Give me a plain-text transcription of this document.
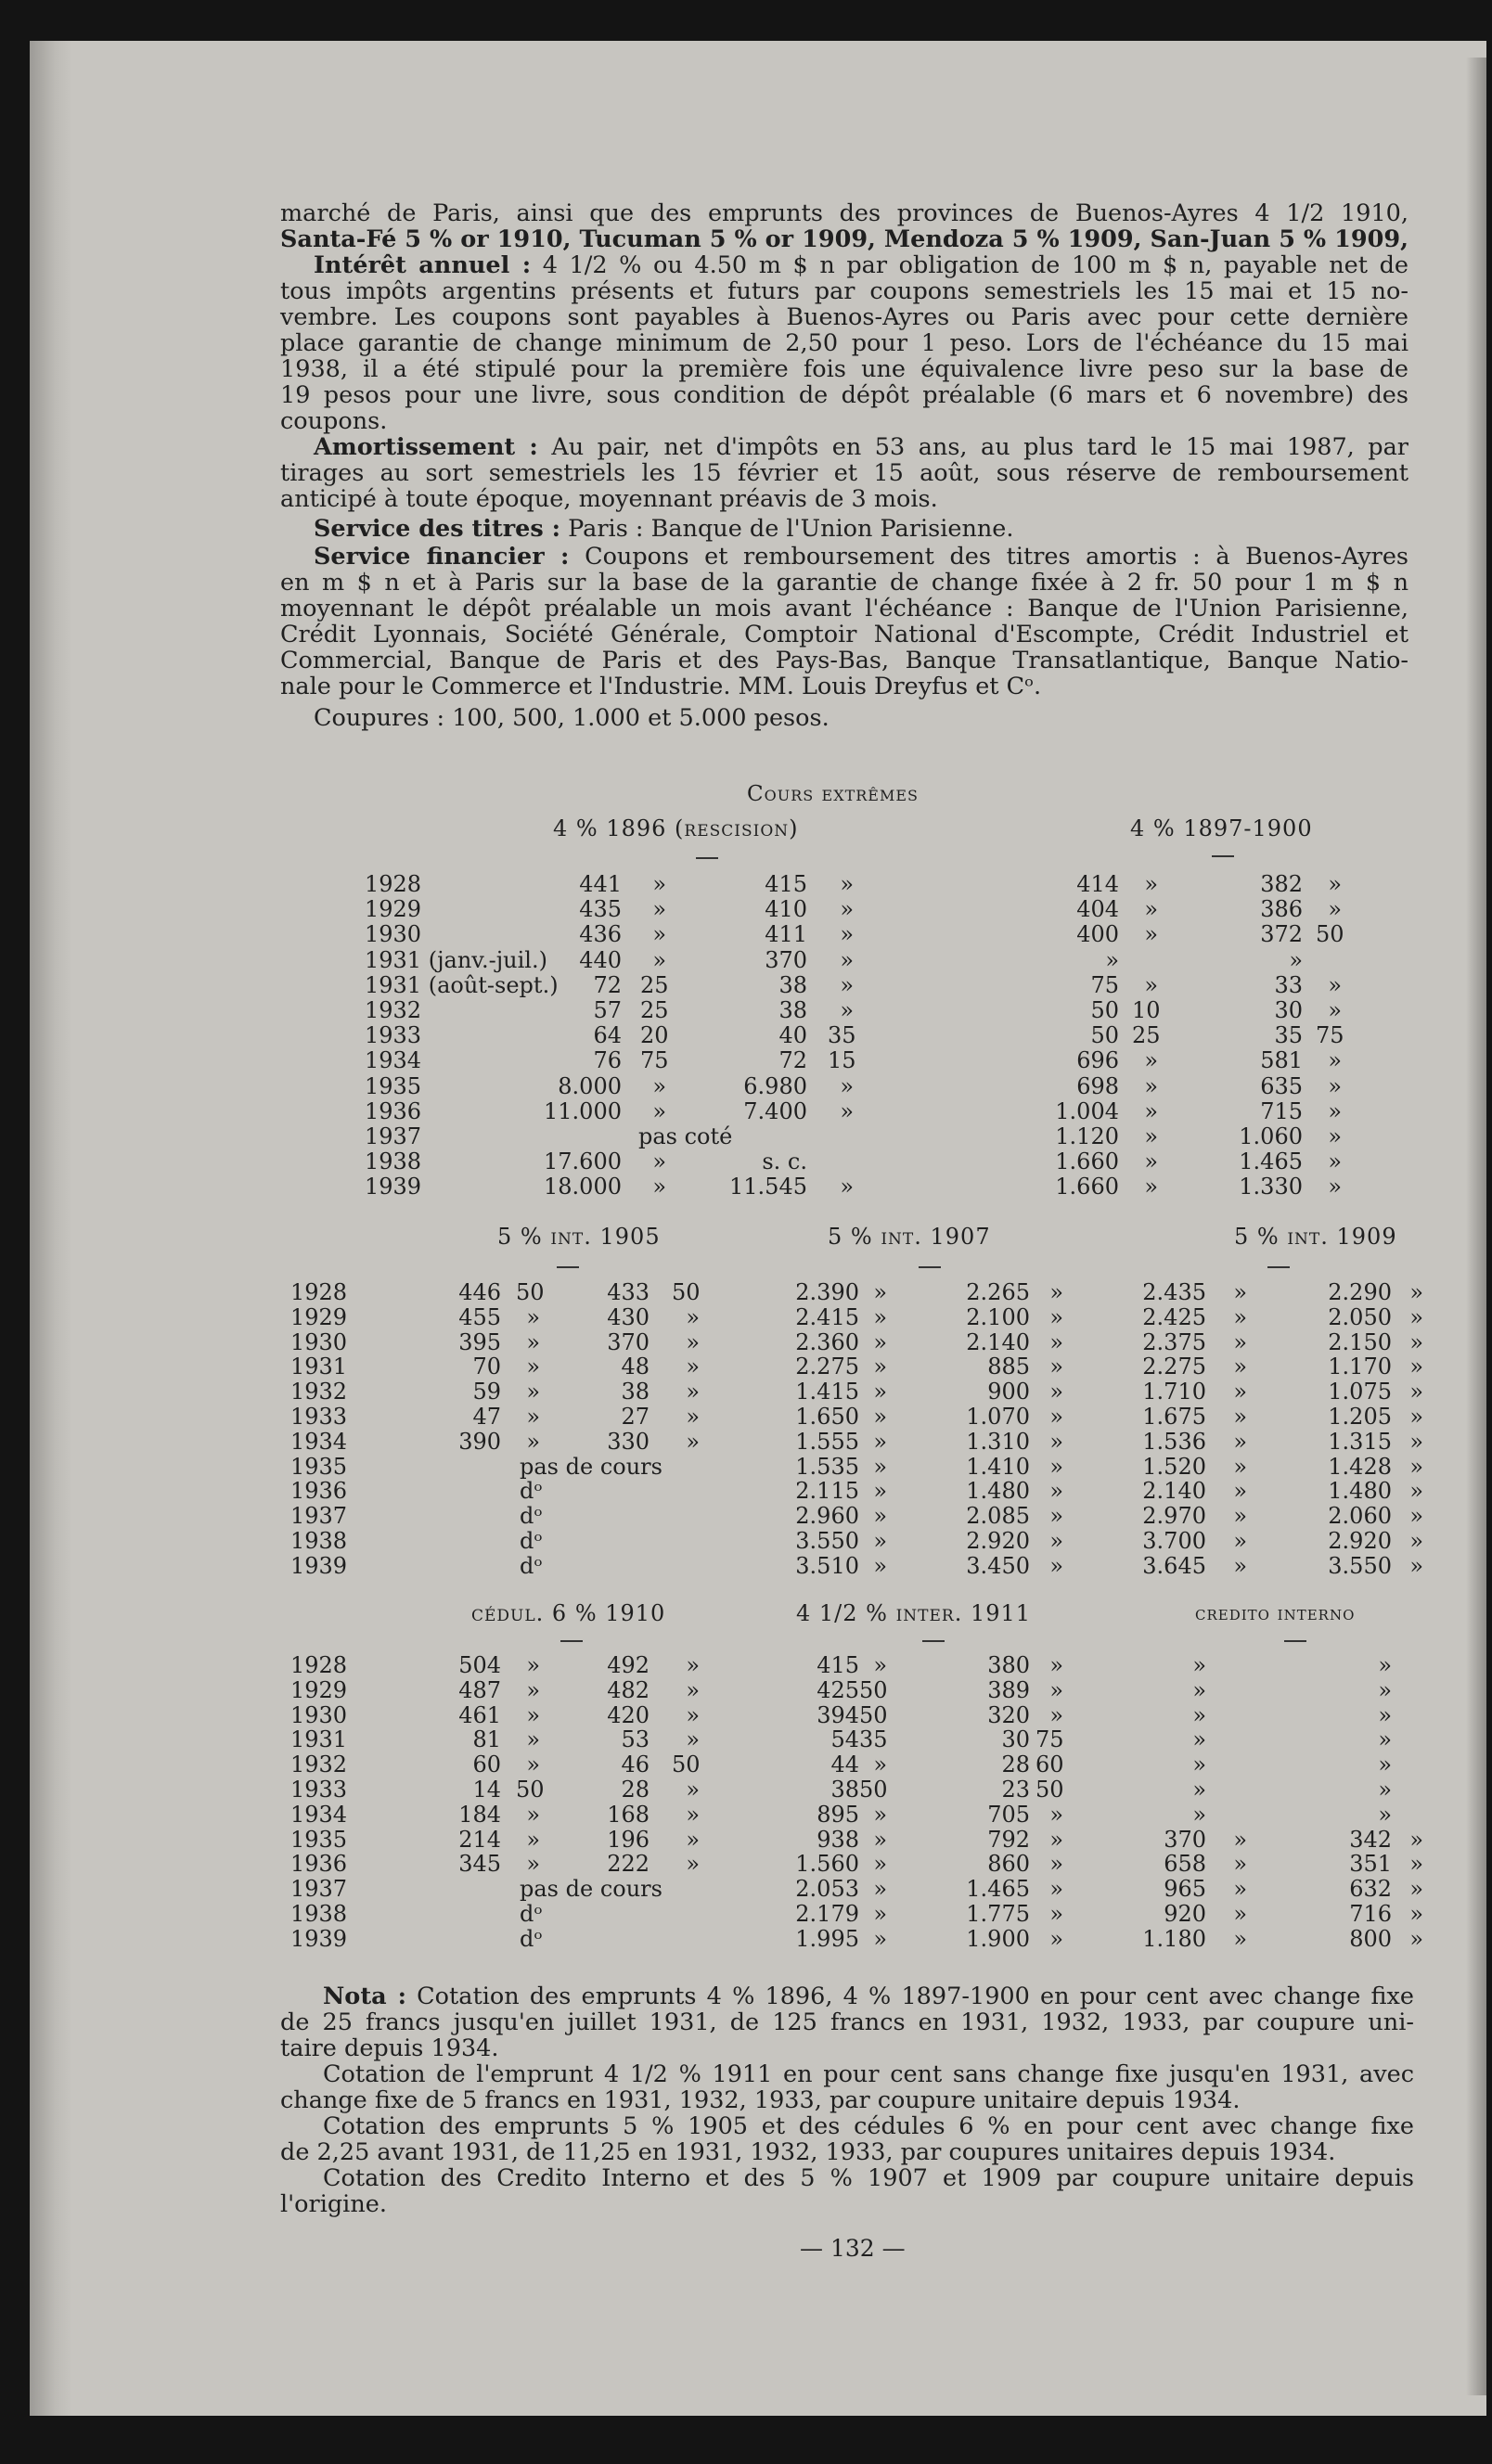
marché de Paris, ainsi que des emprunts des provinces de Buenos-Ayres 4 1/2 1910,
Santa-Fé 5 % or 1910, Tucuman 5 % or 1909, Mendoza 5 % 1909, San-Juan 5 % 1909,
Intérêt annuel : 4 1/2 % ou 4.50 m $ n par obligation de 100 m $ n, payable net de
tous impôts argentins présents et futurs par coupons semestriels les 15 mai et 15 no-
vembre. Les coupons sont payables à Buenos-Ayres ou Paris avec pour cette dernière
place garantie de change minimum de 2,50 pour 1 peso. Lors de l'échéance du 15 mai
1938, il a été stipulé pour la première fois une équivalence livre peso sur la base de
19 pesos pour une livre, sous condition de dépôt préalable (6 mars et 6 novembre) des
coupons.
Amortissement : Au pair, net d'impôts en 53 ans, au plus tard le 15 mai 1987, par
tirages au sort semestriels les 15 février et 15 août, sous réserve de remboursement
anticipé à toute époque, moyennant préavis de 3 mois.
Service des titres : Paris : Banque de l'Union Parisienne.
Service financier : Coupons et remboursement des titres amortis : à Buenos-Ayres
en m $ n et à Paris sur la base de la garantie de change fixée à 2 fr. 50 pour 1 m $ n
moyennant le dépôt préalable un mois avant l'échéance : Banque de l'Union Parisienne,
Crédit Lyonnais, Société Générale, Comptoir National d'Escompte, Crédit Industriel et
Commercial, Banque de Paris et des Pays-Bas, Banque Transatlantique, Banque Natio-
nale pour le Commerce et l'Industrie. MM. Louis Dreyfus et Cᵒ.
Coupures : 100, 500, 1.000 et 5.000 pesos.
Cours extrêmes
4 % 1896 (rescision)	4 % 1897-1900
1928	441	»	415	»	414	»	382	»
1929	435	»	410	»	404	»	386	»
1930	436	»	411	»	400	»	372 50
1931 (janv.-juil.)	440	»	370	»	»	»
1931 (août-sept.)	72 25	38	»	75	»	33	»
1932	57 25	38	»	50 10	30	»
1933	64 20	40 35	50 25	35 75
1934	76 75	72 15	696	»	581	»
1935	8.000	»	6.980	»	698	»	635	»
1936	11.000	»	7.400	»	1.004	»	715	»
1937	pas coté	1.120	»	1.060	»
1938	17.600	»	s. c.	1.660	»	1.465	»
1939	18.000	»	11.545	»	1.660	»	1.330	»
5 % int. 1905	5 % int. 1907	5 % int. 1909
1928	446 50	433 50	2.390 »	2.265 »	2.435	»	2.290 »
1929	455	»	430	»	2.415 »	2.100 »	2.425	»	2.050 »
1930	395	»	370	»	2.360 »	2.140 »	2.375	»	2.150 »
1931	70	»	48	»	2.275 »	885 »	2.275	»	1.170 »
1932	59	»	38	»	1.415 »	900 »	1.710	»	1.075 »
1933	47	»	27	»	1.650 »	1.070 »	1.675	»	1.205 »
1934	390	»	330	»	1.555 »	1.310 »	1.536	»	1.315 »
1935	pas de cours	1.535 »	1.410 »	1.520	»	1.428 »
1936	dᵒ	2.115 »	1.480 »	2.140	»	1.480 »
1937	dᵒ	2.960 »	2.085 »	2.970	»	2.060 »
1938	dᵒ	3.550 »	2.920 »	3.700	»	2.920 »
1939	dᵒ	3.510 »	3.450 »	3.645	»	3.550 »
cédul. 6 % 1910	4 1/2 % inter. 1911	credito interno
1928	504	»	492	»	415 »	380 »	»	»
1929	487	»	482	»	425 50	389 »	»	»
1930	461	»	420	»	394 50	320 »	»	»
1931	81	»	53	»	54 35	30 75	»	»
1932	60	»	46 50	44 »	28 60	»	»
1933	14 50	28	»	38 50	23 50	»	»
1934	184	»	168	»	895 »	705 »	»	»
1935	214	»	196	»	938 »	792 »	370	»	342 »
1936	345	»	222	»	1.560 »	860 »	658	»	351 »
1937	pas de cours	2.053 »	1.465 »	965	»	632 »
1938	dᵒ	2.179 »	1.775 »	920	»	716 »
1939	dᵒ	1.995 »	1.900 »	1.180	»	800 »
Nota : Cotation des emprunts 4 % 1896, 4 % 1897-1900 en pour cent avec change fixe
de 25 francs jusqu'en juillet 1931, de 125 francs en 1931, 1932, 1933, par coupure uni-
taire depuis 1934.
Cotation de l'emprunt 4 1/2 % 1911 en pour cent sans change fixe jusqu'en 1931, avec
change fixe de 5 francs en 1931, 1932, 1933, par coupure unitaire depuis 1934.
Cotation des emprunts 5 % 1905 et des cédules 6 % en pour cent avec change fixe
de 2,25 avant 1931, de 11,25 en 1931, 1932, 1933, par coupures unitaires depuis 1934.
Cotation des Credito Interno et des 5 % 1907 et 1909 par coupure unitaire depuis
l'origine.
— 132 —
